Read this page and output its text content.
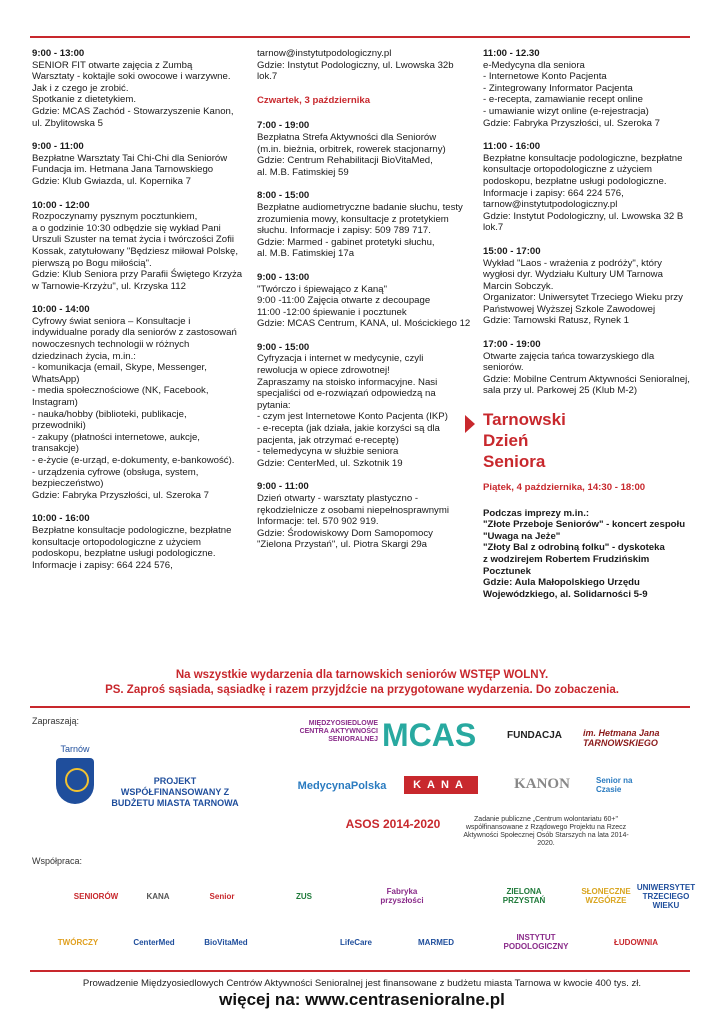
9:00 - 13:00
SENIOR FIT otwarte zajęcia z Zumbą
Warsztaty - koktajle soki owocowe i warzywne.
Jak i z czego je zrobić.
Spotkanie z dietetykiem.
Gdzie: MCAS Zachód - Stowarzyszenie Kanon,
ul. Zbylitowska 5
9:00 - 11:00
Bezpłatne Warsztaty Tai Chi-Chi dla Seniorów
Fundacja im. Hetmana Jana Tarnowskiego
Gdzie: Klub Gwiazda, ul. Kopernika 7
10:00 - 12:00
Rozpoczynamy pysznym pocztunkiem,
a o godzinie 10:30 odbędzie się wykład Pani
Urszuli Szuster na temat życia i twórczości Zofii
Kossak, zatytułowany "Będziesz miłował Polskę,
pierwszą po Bogu miłością".
Gdzie: Klub Seniora przy Parafii Świętego Krzyża
w Tarnowie-Krzyżu", ul. Krzyska 112
10:00 - 14:00
Cyfrowy świat seniora – Konsultacje i
indywidualne porady dla seniorów z zastosowań
nowoczesnych technologii w różnych
dziedzinach życia, m.in.:
- komunikacja (email, Skype, Messenger,
WhatsApp)
- media społecznościowe (NK, Facebook,
Instagram)
- nauka/hobby (biblioteki, publikacje,
przewodniki)
- zakupy (płatności internetowe, aukcje,
transakcje)
- e-życie (e-urząd, e-dokumenty, e-bankowość).
- urządzenia cyfrowe (obsługa, system,
bezpieczeństwo)
Gdzie: Fabryka Przyszłości, ul. Szeroka 7
10:00 - 16:00
Bezpłatne konsultacje podologiczne, bezpłatne
konsultacje ortopodologiczne z użyciem
podoskopu, bezpłatne usługi podologiczne.
Informacje i zapisy: 664 224 576,
tarnow@instytutpodologiczny.pl
Gdzie: Instytut Podologiczny, ul. Lwowska 32b
lok.7
Czwartek, 3 października
7:00 - 19:00
Bezpłatna Strefa Aktywności dla Seniorów
(m.in. bieżnia, orbitrek, rowerek stacjonarny)
Gdzie: Centrum Rehabilitacji BioVitaMed,
al. M.B. Fatimskiej 59
8:00 - 15:00
Bezpłatne audiometryczne badanie słuchu, testy
zrozumienia mowy, konsultacje z protetykiem
słuchu. Informacje i zapisy: 509 789 717.
Gdzie: Marmed - gabinet protetyki słuchu,
al. M.B. Fatimskiej 17a
9:00 - 13:00
"Twórczo i śpiewająco z Kaną"
9:00 -11:00 Zajęcia otwarte z decoupage
11:00 -12:00 śpiewanie i pocztunek
Gdzie: MCAS Centrum, KANA, ul. Mościckiego 12
9:00 - 15:00
Cyfryzacja i internet w medycynie, czyli
rewolucja w opiece zdrowotnej!
Zapraszamy na stoisko informacyjne. Nasi
specjaliści od e-rozwiązań odpowiedzą na
pytania:
- czym jest Internetowe Konto Pacjenta (IKP)
- e-recepta (jak działa, jakie korzyści są dla
pacjenta, jak otrzymać e-receptę)
- telemedycyna w służbie seniora
Gdzie: CenterMed, ul. Szkotnik 19
9:00 - 11:00
Dzień otwarty - warsztaty plastyczno -
rękodzielnicze z osobami niepełnosprawnymi
Informacje: tel. 570 902 919.
Gdzie: Środowiskowy Dom Samopomocy
"Zielona Przystań", ul. Piotra Skargi 29a
11:00 - 12.30
e-Medycyna dla seniora
- Internetowe Konto Pacjenta
- Zintegrowany Informator Pacjenta
- e-recepta, zamawianie recept online
- umawianie wizyt online (e-rejestracja)
Gdzie: Fabryka Przyszłości, ul. Szeroka 7
11:00 - 16:00
Bezpłatne konsultacje podologiczne, bezpłatne
konsultacje ortopodologiczne z użyciem
podoskopu, bezpłatne usługi podologiczne.
Informacje i zapisy: 664 224 576,
tarnow@instytutpodologiczny.pl
Gdzie: Instytut Podologiczny, ul. Lwowska 32 B
lok.7
15:00 - 17:00
Wykład "Laos - wrażenia z podróży", który
wygłosi dyr. Wydziału Kultury UM Tarnowa
Marcin Sobczyk.
Organizator: Uniwersytet Trzeciego Wieku przy
Państwowej Wyższej Szkole Zawodowej
Gdzie: Tarnowski Ratusz, Rynek 1
17:00 - 19:00
Otwarte zajęcia tańca towarzyskiego dla
seniorów.
Gdzie: Mobilne Centrum Aktywności Senioralnej,
sala przy ul. Parkowej 25 (Klub M-2)
Tarnowski Dzień Seniora
Piątek, 4 października, 14:30 - 18:00
Podczas imprezy m.in.:
"Złote Przeboje Seniorów" - koncert zespołu
"Uwaga na Jeże"
"Złoty Bal z odrobiną folku" - dyskoteka
z wodzirejem Robertem Frudzińskim
Pocztunek
Gdzie: Aula Małopolskiego Urzędu
Wojewódzkiego, al. Solidarności 5-9
Na wszystkie wydarzenia dla tarnowskich seniorów WSTĘP WOLNY.
PS. Zaproś sąsiada, sąsiadkę i razem przyjdźcie na przygotowane wydarzenia. Do zobaczenia.
Zapraszają:
Tarnów
PROJEKT WSPÓŁFINANSOWANY Z BUDŻETU MIASTA TARNOWA
MIĘDZYOSIEDLOWE CENTRA AKTYWNOŚCI SENIORALNEJ MCAS	FUNDACJA im. Hetmana Jana TARNOWSKIEGO
MedycynaPolska	KANA	KANON	Senior na Czasie
ASOS 2014-2020	Zadanie publiczne „Centrum wolontariatu 60+" współfinansowane z Rządowego Projektu na Rzecz Aktywności Społecznej Osób Starszych na lata 2014-2020.
Współpraca:
SENIORÓW	KANA	Senior	ZUS	Fabryka przyszłości
ZIELONA PRZYSTAŃ
SŁONECZNE WZGÓRZE
UNIWERSYTET TRZECIEGO WIEKU
TWÓRCZY	CenterMed	BioVitaMed	LifeCare	MARMED	INSTYTUT PODOLOGICZNY	ŁUDOWNIA
Prowadzenie Międzyosiedlowych Centrów Aktywności Senioralnej jest finansowane z budżetu miasta Tarnowa w kwocie 400 tys. zł.
więcej na: www.centrasenioralne.pl
